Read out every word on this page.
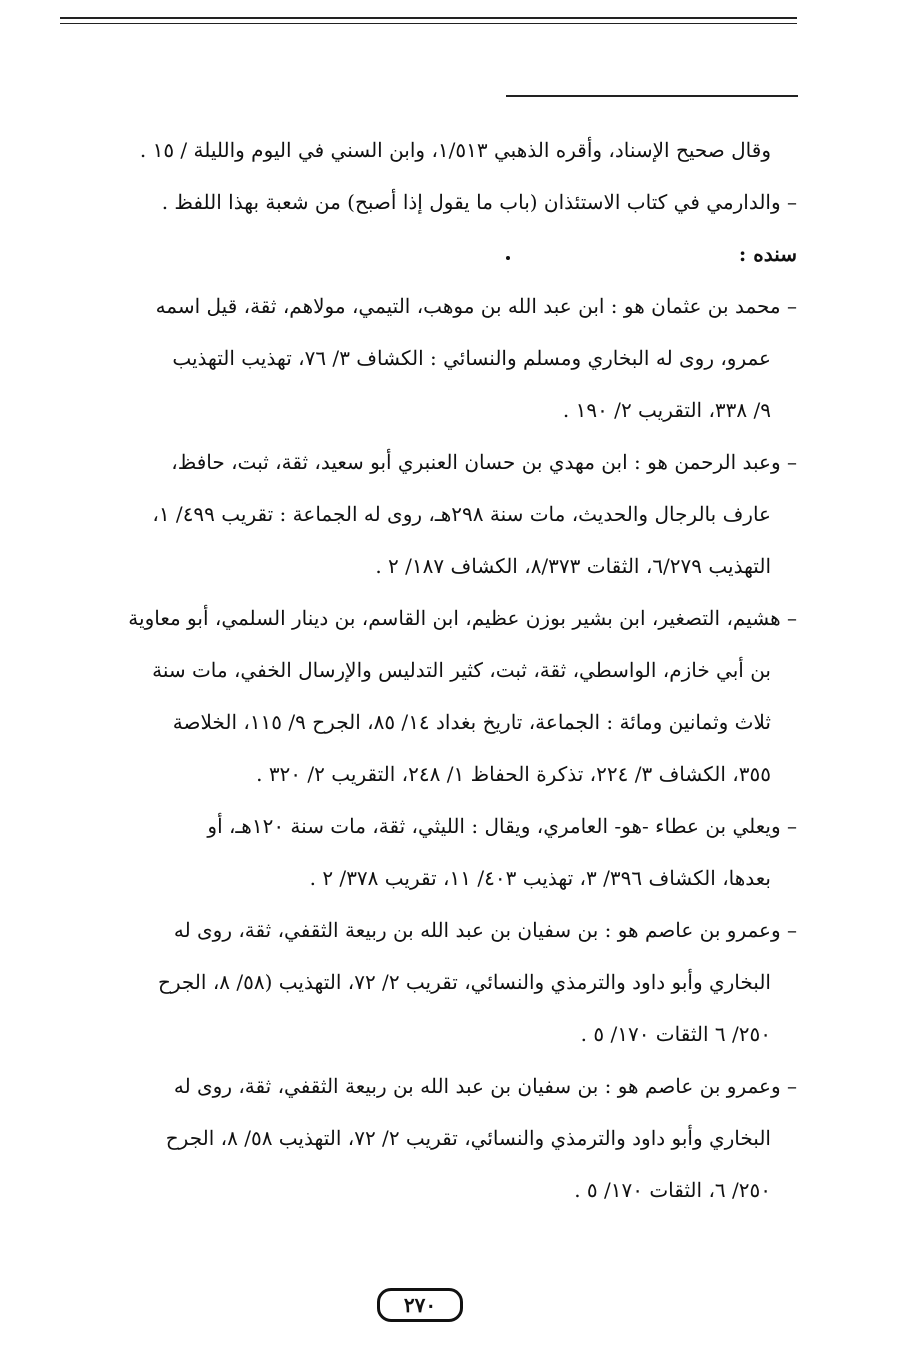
وقال صحيح الإسناد، وأقره الذهبي ١/٥١٣، وابن السني في اليوم والليلة / ١٥ .
– والدارمي في كتاب الاستئذان (باب ما يقول إذا أصبح) من شعبة بهذا اللفظ .
سنده :
– محمد بن عثمان هو : ابن عبد الله بن موهب، التيمي، مولاهم، ثقة، قيل اسمه
عمرو، روى له البخاري ومسلم والنسائي : الكشاف ٣/ ٧٦، تهذيب التهذيب
٩/ ٣٣٨، التقريب ٢/ ١٩٠ .
– وعبد الرحمن هو : ابن مهدي بن حسان العنبري أبو سعيد، ثقة، ثبت، حافظ،
عارف بالرجال والحديث، مات سنة ٢٩٨هـ، روى له الجماعة : تقريب ٤٩٩/ ١،
التهذيب ٦/٢٧٩، الثقات ٨/٣٧٣، الكشاف ١٨٧/ ٢ .
– هشيم، التصغير، ابن بشير بوزن عظيم، ابن القاسم، بن دينار السلمي، أبو معاوية
بن أبي خازم، الواسطي، ثقة، ثبت، كثير التدليس والإرسال الخفي، مات سنة
ثلاث وثمانين ومائة : الجماعة، تاريخ بغداد ١٤/ ٨٥، الجرح ٩/ ١١٥، الخلاصة
٣٥٥، الكشاف ٣/ ٢٢٤، تذكرة الحفاظ ١/ ٢٤٨، التقريب ٢/ ٣٢٠ .
– ويعلي بن عطاء -هو- العامري، ويقال : الليثي، ثقة، مات سنة ١٢٠هـ، أو
بعدها، الكشاف ٣٩٦/ ٣، تهذيب ٤٠٣/ ١١، تقريب ٣٧٨/ ٢ .
– وعمرو بن عاصم هو : بن سفيان بن عبد الله بن ربيعة الثقفي، ثقة، روى له
البخاري وأبو داود والترمذي والنسائي، تقريب ٢/ ٧٢، التهذيب (٥٨/ ٨، الجرح
٢٥٠/ ٦ الثقات ١٧٠/ ٥ .
– وعمرو بن عاصم هو : بن سفيان بن عبد الله بن ربيعة الثقفي، ثقة، روى له
البخاري وأبو داود والترمذي والنسائي، تقريب ٢/ ٧٢، التهذيب ٥٨/ ٨، الجرح
٢٥٠/ ٦، الثقات ١٧٠/ ٥ .
٢٧٠
